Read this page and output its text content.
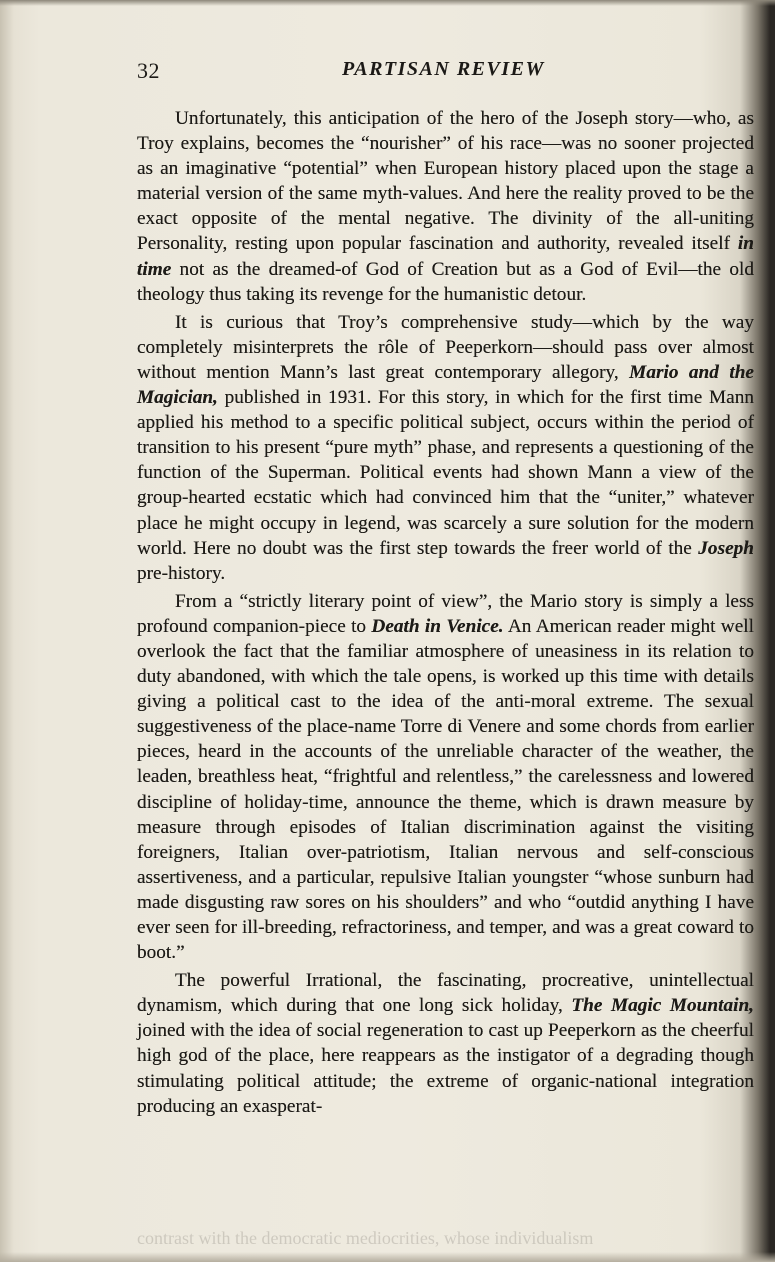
32	PARTISAN REVIEW

Unfortunately, this anticipation of the hero of the Joseph story—who, as Troy explains, becomes the “nourisher” of his race—was no sooner projected as an imaginative “potential” when European history placed upon the stage a material version of the same myth-values. And here the reality proved to be the exact opposite of the mental negative. The divinity of the all-uniting Personality, resting upon popular fascination and authority, revealed itself in time not as the dreamed-of God of Creation but as a God of Evil—the old theology thus taking its revenge for the humanistic detour.

It is curious that Troy’s comprehensive study—which by the way completely misinterprets the rôle of Peeperkorn—should pass over almost without mention Mann’s last great contemporary allegory, Mario and the Magician, published in 1931. For this story, in which for the first time Mann applied his method to a specific political subject, occurs within the period of transition to his present “pure myth” phase, and represents a questioning of the function of the Superman. Political events had shown Mann a view of the group-hearted ecstatic which had convinced him that the “uniter,” whatever place he might occupy in legend, was scarcely a sure solution for the modern world. Here no doubt was the first step towards the freer world of the Joseph pre-history.

From a “strictly literary point of view”, the Mario story is simply a less profound companion-piece to Death in Venice. An American reader might well overlook the fact that the familiar atmosphere of uneasiness in its relation to duty abandoned, with which the tale opens, is worked up this time with details giving a political cast to the idea of the anti-moral extreme. The sexual suggestiveness of the place-name Torre di Venere and some chords from earlier pieces, heard in the accounts of the unreliable character of the weather, the leaden, breathless heat, “frightful and relentless,” the carelessness and lowered discipline of holiday-time, announce the theme, which is drawn measure by measure through episodes of Italian discrimination against the visiting foreigners, Italian over-patriotism, Italian nervous and self-conscious assertiveness, and a particular, repulsive Italian youngster “whose sunburn had made disgusting raw sores on his shoulders” and who “outdid anything I have ever seen for ill-breeding, refractoriness, and temper, and was a great coward to boot.”

The powerful Irrational, the fascinating, procreative, unintellectual dynamism, which during that one long sick holiday, The Magic Mountain, joined with the idea of social regeneration to cast up Peeperkorn as the cheerful high god of the place, here reappears as the instigator of a degrading though stimulating political attitude; the extreme of organic-national integration producing an exasperat-

contrast with the democratic mediocrities, whose individualism
